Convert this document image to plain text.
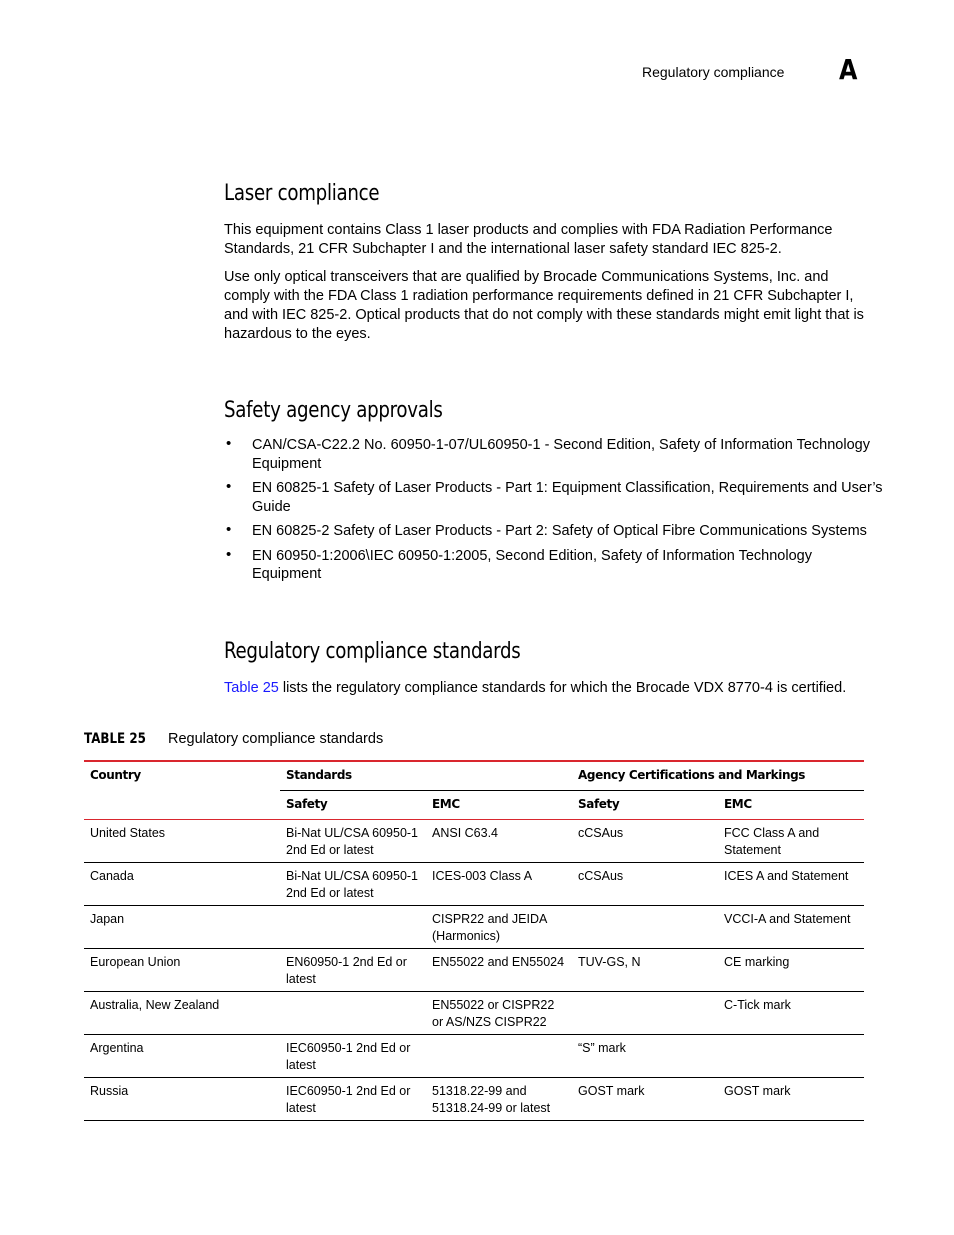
Regulatory compliance A
Laser compliance

This equipment contains Class 1 laser products and complies with FDA Radiation Performance Standards, 21 CFR Subchapter I and the international laser safety standard IEC 825-2.

Use only optical transceivers that are qualified by Brocade Communications Systems, Inc. and comply with the FDA Class 1 radiation performance requirements defined in 21 CFR Subchapter I, and with IEC 825-2. Optical products that do not comply with these standards might emit light that is hazardous to the eyes.

Safety agency approvals
• CAN/CSA-C22.2 No. 60950-1-07/UL60950-1 - Second Edition, Safety of Information Technology Equipment
• EN 60825-1 Safety of Laser Products - Part 1: Equipment Classification, Requirements and User’s Guide
• EN 60825-2 Safety of Laser Products - Part 2: Safety of Optical Fibre Communications Systems
• EN 60950-1:2006\IEC 60950-1:2005, Second Edition, Safety of Information Technology Equipment
Regulatory compliance standards

Table 25 lists the regulatory compliance standards for which the Brocade VDX 8770-4 is certified.

TABLE 25 Regulatory compliance standards
Country	Standards		Agency Certifications and Markings	
	Safety	EMC	Safety	EMC
United States	Bi-Nat UL/CSA 60950-1 2nd Ed or latest	ANSI C63.4	cCSAus	FCC Class A and Statement
Canada	Bi-Nat UL/CSA 60950-1 2nd Ed or latest	ICES-003 Class A	cCSAus	ICES A and Statement
Japan		CISPR22 and JEIDA (Harmonics)		VCCI-A and Statement
European Union	EN60950-1 2nd Ed or latest	EN55022 and EN55024	TUV-GS, N	CE marking
Australia, New Zealand		EN55022 or CISPR22 or AS/NZS CISPR22		C-Tick mark
Argentina	IEC60950-1 2nd Ed or latest		“S” mark	
Russia	IEC60950-1 2nd Ed or latest	51318.22-99 and 51318.24-99 or latest	GOST mark	GOST mark
